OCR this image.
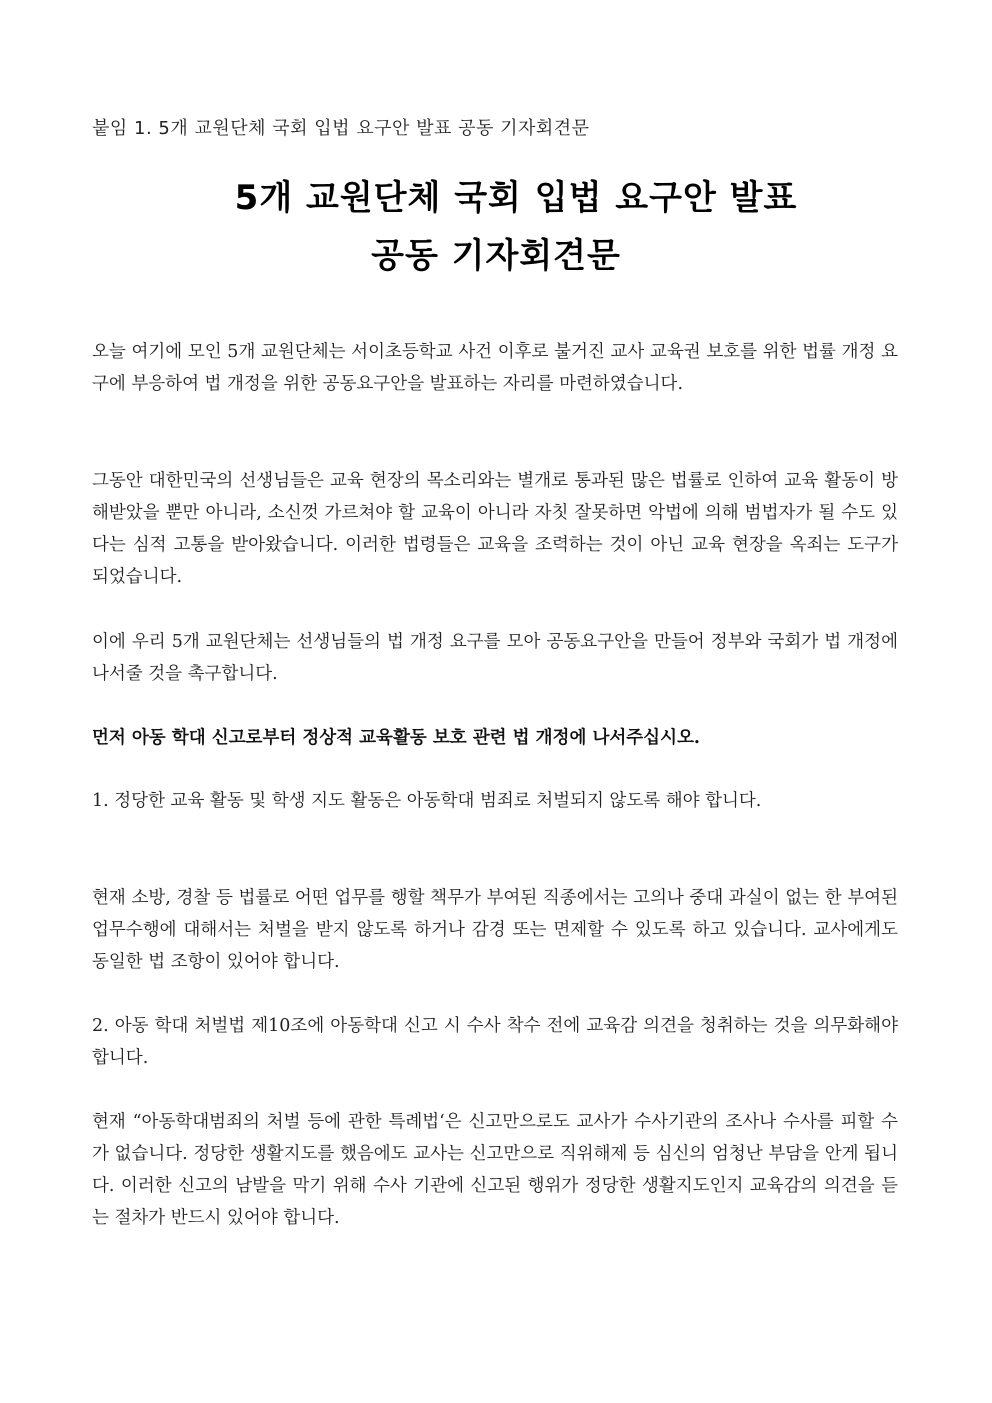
붙임 1. 5개 교원단체 국회 입법 요구안 발표 공동 기자회견문
5개 교원단체 국회 입법 요구안 발표
공동 기자회견문
오늘 여기에 모인 5개 교원단체는 서이초등학교 사건 이후로 불거진 교사 교육권 보호를 위한 법률 개정 요구에 부응하여 법 개정을 위한 공동요구안을 발표하는 자리를 마련하였습니다.
그동안 대한민국의 선생님들은 교육 현장의 목소리와는 별개로 통과된 많은 법률로 인하여 교육 활동이 방해받았을 뿐만 아니라, 소신껏 가르쳐야 할 교육이 아니라 자칫 잘못하면 악법에 의해 범법자가 될 수도 있다는 심적 고통을 받아왔습니다. 이러한 법령들은 교육을 조력하는 것이 아닌 교육 현장을 옥죄는 도구가 되었습니다.
이에 우리 5개 교원단체는 선생님들의 법 개정 요구를 모아 공동요구안을 만들어 정부와 국회가 법 개정에 나서줄 것을 촉구합니다.
먼저 아동 학대 신고로부터 정상적 교육활동 보호 관련 법 개정에 나서주십시오.
1. 정당한 교육 활동 및 학생 지도 활동은 아동학대 범죄로 처벌되지 않도록 해야 합니다.
현재 소방, 경찰 등 법률로 어떤 업무를 행할 책무가 부여된 직종에서는 고의나 중대 과실이 없는 한 부여된 업무수행에 대해서는 처벌을 받지 않도록 하거나 감경 또는 면제할 수 있도록 하고 있습니다. 교사에게도 동일한 법 조항이 있어야 합니다.
2. 아동 학대 처벌법 제10조에 아동학대 신고 시 수사 착수 전에 교육감 의견을 청취하는 것을 의무화해야 합니다.
현재 “아동학대범죄의 처벌 등에 관한 특례법‘은 신고만으로도 교사가 수사기관의 조사나 수사를 피할 수가 없습니다. 정당한 생활지도를 했음에도 교사는 신고만으로 직위해제 등 심신의 엄청난 부담을 안게 됩니다. 이러한 신고의 남발을 막기 위해 수사 기관에 신고된 행위가 정당한 생활지도인지 교육감의 의견을 듣는 절차가 반드시 있어야 합니다.
